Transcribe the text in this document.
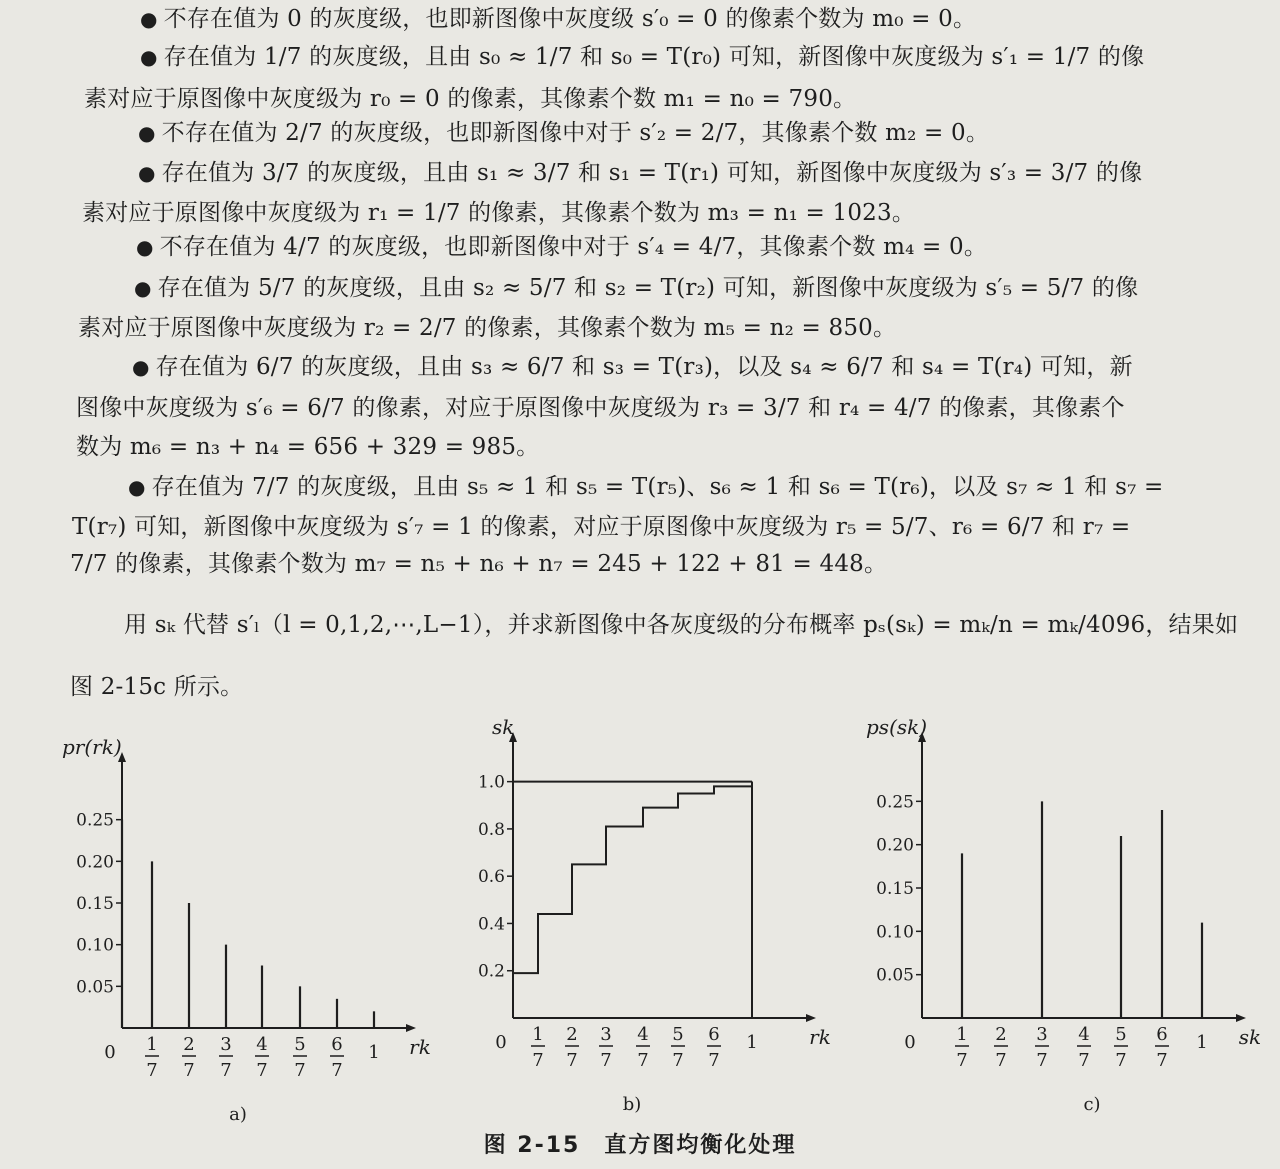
● 不存在值为 0 的灰度级，也即新图像中灰度级 s′₀ = 0 的像素个数为 m₀ = 0。
● 存在值为 1/7 的灰度级，且由 s₀ ≈ 1/7 和 s₀ = T(r₀) 可知，新图像中灰度级为 s′₁ = 1/7 的像
素对应于原图像中灰度级为 r₀ = 0 的像素，其像素个数 m₁ = n₀ = 790。
● 不存在值为 2/7 的灰度级，也即新图像中对于 s′₂ = 2/7，其像素个数 m₂ = 0。
● 存在值为 3/7 的灰度级，且由 s₁ ≈ 3/7 和 s₁ = T(r₁) 可知，新图像中灰度级为 s′₃ = 3/7 的像
素对应于原图像中灰度级为 r₁ = 1/7 的像素，其像素个数为 m₃ = n₁ = 1023。
● 不存在值为 4/7 的灰度级，也即新图像中对于 s′₄ = 4/7，其像素个数 m₄ = 0。
● 存在值为 5/7 的灰度级，且由 s₂ ≈ 5/7 和 s₂ = T(r₂) 可知，新图像中灰度级为 s′₅ = 5/7 的像
素对应于原图像中灰度级为 r₂ = 2/7 的像素，其像素个数为 m₅ = n₂ = 850。
● 存在值为 6/7 的灰度级，且由 s₃ ≈ 6/7 和 s₃ = T(r₃)，以及 s₄ ≈ 6/7 和 s₄ = T(r₄) 可知，新
图像中灰度级为 s′₆ = 6/7 的像素，对应于原图像中灰度级为 r₃ = 3/7 和 r₄ = 4/7 的像素，其像素个
数为 m₆ = n₃ + n₄ = 656 + 329 = 985。
● 存在值为 7/7 的灰度级，且由 s₅ ≈ 1 和 s₅ = T(r₅)、s₆ ≈ 1 和 s₆ = T(r₆)，以及 s₇ ≈ 1 和 s₇ =
T(r₇) 可知，新图像中灰度级为 s′₇ = 1 的像素，对应于原图像中灰度级为 r₅ = 5/7、r₆ = 6/7 和 r₇ =
7/7 的像素，其像素个数为 m₇ = n₅ + n₆ + n₇ = 245 + 122 + 81 = 448。
用 sₖ 代替 s′ₗ（l = 0,1,2,⋯,L−1），并求新图像中各灰度级的分布概率 pₛ(sₖ) = mₖ/n = mₖ/4096，结果如
图 2-15c 所示。
pr(rk)
rk
0.05
0.10
0.15
0.20
0.25
0 1
7
2
7
3
7
4
7
5
7
6
7
1
a)
sk
rk
0.2
0.4
0.6
0.8
1.0
0 1
7
2
7
3
7
4
7
5
7
6
7
1
b)
ps(sk)
sk
0.05
0.10
0.15
0.20
0.25
0 1
7
2
7
3
7
4
7
5
7
6
7
1
c)
图 2-15　直方图均衡化处理
